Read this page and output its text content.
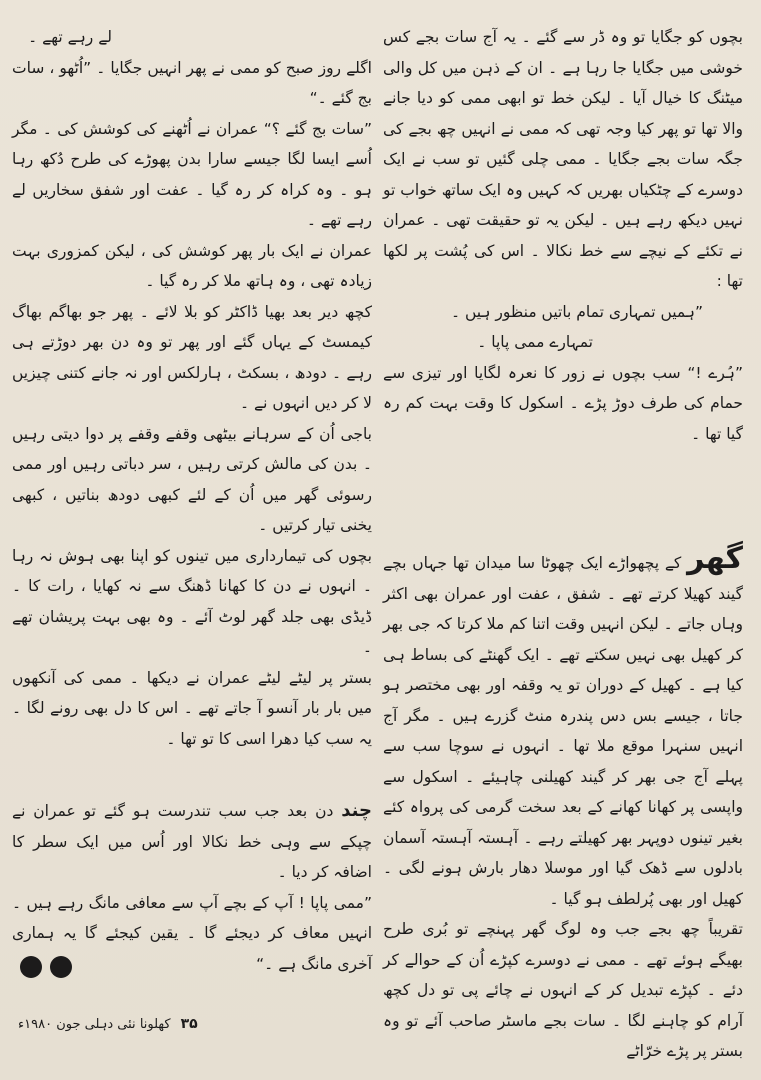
بچوں کو جگایا تو وہ ڈر سے گئے ۔ یہ آج سات بجے کس خوشی میں جگایا جا رہا ہے ۔ ان کے ذہن میں کل والی میٹنگ کا خیال آیا ۔ لیکن خط تو ابھی ممی کو دیا جانے والا تھا تو پھر کیا وجہ تھی کہ ممی نے انہیں چھ بجے کی جگہ سات بجے جگایا ۔ ممی چلی گئیں تو سب نے ایک دوسرے کے چٹکیاں بھریں کہ کہیں وہ ایک ساتھ خواب تو نہیں دیکھ رہے ہیں ۔ لیکن یہ تو حقیقت تھی ۔ عمران نے تکئے کے نیچے سے خط نکالا ۔ اس کی پُشت پر لکھا تھا :

”ہمیں تمہاری تمام باتیں منظور ہیں ۔

تمہارے ممی پاپا ۔

”ہُرے !“ سب بچوں نے زور کا نعرہ لگایا اور تیزی سے حمام کی طرف دوڑ پڑے ۔ اسکول کا وقت بہت کم رہ گیا تھا ۔

گھر کے پچھواڑے ایک چھوٹا سا میدان تھا جہاں بچے گیند کھیلا کرتے تھے ۔ شفق ، عفت اور عمران بھی اکثر وہاں جاتے ۔ لیکن انہیں وقت اتنا کم ملا کرتا کہ جی بھر کر کھیل بھی نہیں سکتے تھے ۔ ایک گھنٹے کی بساط ہی کیا ہے ۔ کھیل کے دوران تو یہ وقفہ اور بھی مختصر ہو جاتا ، جیسے بس دس پندرہ منٹ گزرے ہیں ۔ مگر آج انہیں سنہرا موقع ملا تھا ۔ انہوں نے سوچا سب سے پہلے آج جی بھر کر گیند کھیلنی چاہیئے ۔ اسکول سے واپسی پر کھانا کھانے کے بعد سخت گرمی کی پرواہ کئے بغیر تینوں دوپہر بھر کھیلتے رہے ۔ آہستہ آہستہ آسمان بادلوں سے ڈھک گیا اور موسلا دھار بارش ہونے لگی ۔ کھیل اور بھی پُرلطف ہو گیا ۔

تقریباً چھ بجے جب وہ لوگ گھر پہنچے تو بُری طرح بھیگے ہوئے تھے ۔ ممی نے دوسرے کپڑے اُن کے حوالے کر دئے ۔ کپڑے تبدیل کر کے انہوں نے چائے پی تو دل کچھ آرام کو چاہنے لگا ۔ سات بجے ماسٹر صاحب آئے تو وہ بستر پر پڑے خرّاٹے

لے رہے تھے ۔

اگلے روز صبح کو ممی نے پھر انہیں جگایا ۔ ”اُٹھو ، سات بج گئے ۔“

”سات بج گئے ؟“ عمران نے اُٹھنے کی کوشش کی ۔ مگر اُسے ایسا لگا جیسے سارا بدن پھوڑے کی طرح دُکھ رہا ہو ۔ وہ کراہ کر رہ گیا ۔ عفت اور شفق سخاریں لے رہے تھے ۔

عمران نے ایک بار پھر کوشش کی ، لیکن کمزوری بہت زیادہ تھی ، وہ ہاتھ ملا کر رہ گیا ۔

کچھ دیر بعد بھیا ڈاکٹر کو بلا لائے ۔ پھر جو بھاگم بھاگ کیمسٹ کے یہاں گئے اور پھر تو وہ دن بھر دوڑتے ہی رہے ۔ دودھ ، بسکٹ ، ہارلکس اور نہ جانے کتنی چیزیں لا کر دیں انہوں نے ۔

باجی اُن کے سرہانے بیٹھی وقفے وقفے پر دوا دیتی رہیں ۔ بدن کی مالش کرتی رہیں ، سر دباتی رہیں اور ممی رسوئی گھر میں اُن کے لئے کبھی دودھ بناتیں ، کبھی یخنی تیار کرتیں ۔

بچوں کی تیمارداری میں تینوں کو اپنا بھی ہوش نہ رہا ۔ انہوں نے دن کا کھانا ڈھنگ سے نہ کھایا ، رات کا ۔ ڈیڈی بھی جلد گھر لوٹ آئے ۔ وہ بھی بہت پریشان تھے ۔

بستر پر لیٹے لیٹے عمران نے دیکھا ۔ ممی کی آنکھوں میں بار بار آنسو آ جاتے تھے ۔ اس کا دل بھی رونے لگا ۔ یہ سب کیا دھرا اسی کا تو تھا ۔

چند دن بعد جب سب تندرست ہو گئے تو عمران نے چپکے سے وہی خط نکالا اور اُس میں ایک سطر کا اضافہ کر دیا ۔

”ممی پاپا ! آپ کے بچے آپ سے معافی مانگ رہے ہیں ۔ انہیں معاف کر دیجئے گا ۔ یقین کیجئے گا یہ ہماری آخری مانگ ہے ۔“

۳۵
کھلونا نئی دہلی جون ۱۹۸۰ء
